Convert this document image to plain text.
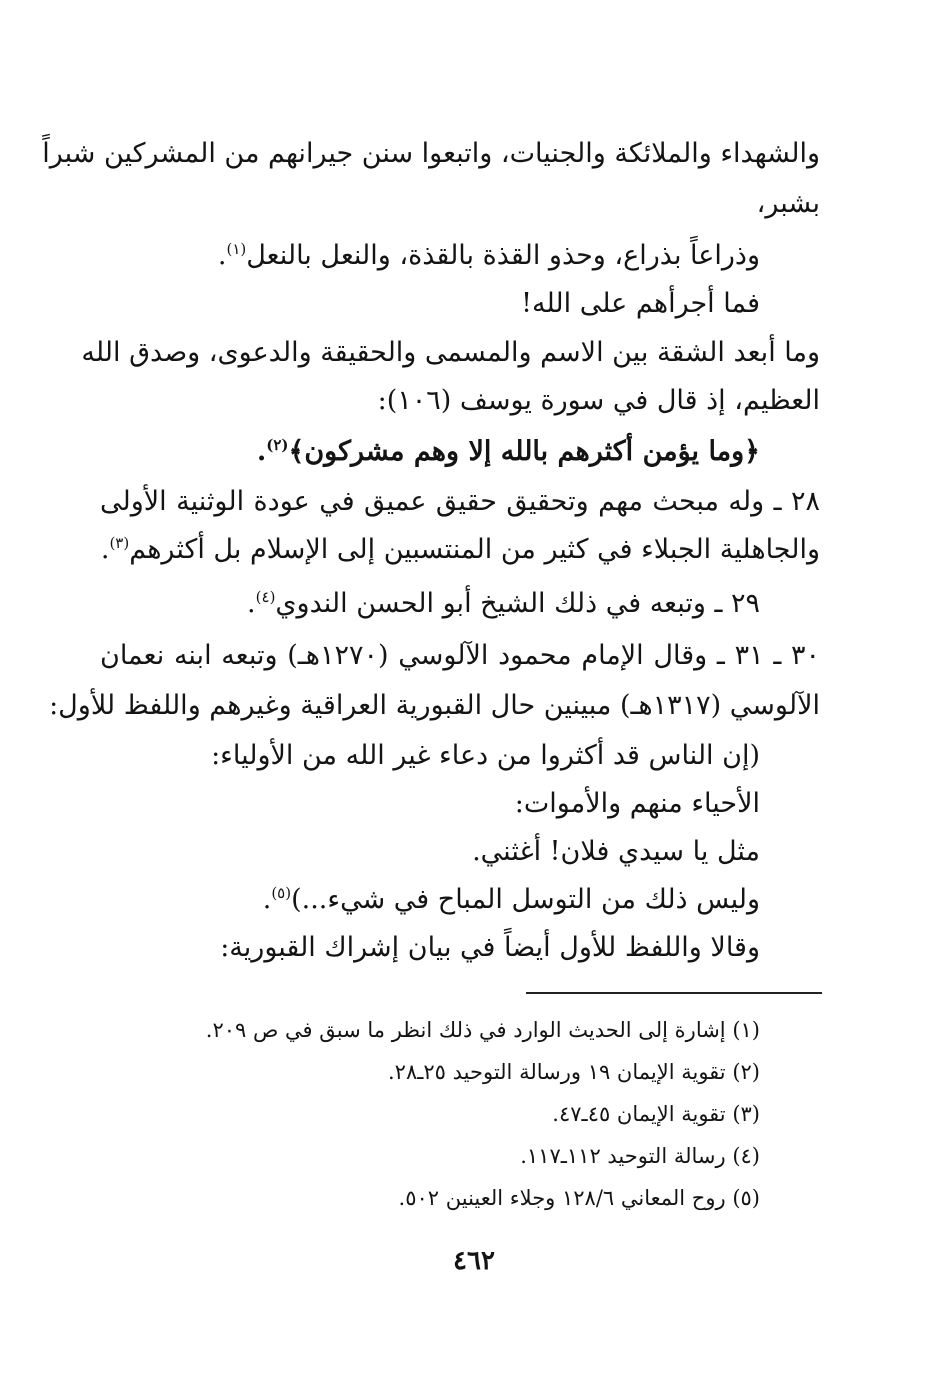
والشهداء والملائكة والجنيات، واتبعوا سنن جيرانهم من المشركين شبراً
بشبر،
وذراعاً بذراع، وحذو القذة بالقذة، والنعل بالنعل$^{(١)}$.
فما أجرأهم على الله!
وما أبعد الشقة بين الاسم والمسمى والحقيقة والدعوى، وصدق الله
العظيم، إذ قال في سورة يوسف (١٠٦):
﴿وما يؤمن أكثرهم بالله إلا وهم مشركون﴾$^{(٢)}$.
٢٨ ـ وله مبحث مهم وتحقيق حقيق عميق في عودة الوثنية الأولى
والجاهلية الجبلاء في كثير من المنتسبين إلى الإسلام بل أكثرهم$^{(٣)}$.
٢٩ ـ وتبعه في ذلك الشيخ أبو الحسن الندوي$^{(٤)}$.
٣٠ ـ ٣١ ـ وقال الإمام محمود الآلوسي (١٢٧٠هـ) وتبعه ابنه نعمان
الآلوسي (١٣١٧هـ) مبينين حال القبورية العراقية وغيرهم واللفظ للأول:
(إن الناس قد أكثروا من دعاء غير الله من الأولياء:
الأحياء منهم والأموات:
مثل يا سيدي فلان! أغثني.
وليس ذلك من التوسل المباح في شيء...)$^{(٥)}$.
وقالا واللفظ للأول أيضاً في بيان إشراك القبورية:
(١) إشارة إلى الحديث الوارد في ذلك انظر ما سبق في ص ٢٠٩.
(٢) تقوية الإيمان ١٩ ورسالة التوحيد ٢٥ـ٢٨.
(٣) تقوية الإيمان ٤٥ـ٤٧.
(٤) رسالة التوحيد ١١٢ـ١١٧.
(٥) روح المعاني ١٢٨/٦ وجلاء العينين ٥٠٢.
٤٦٢
